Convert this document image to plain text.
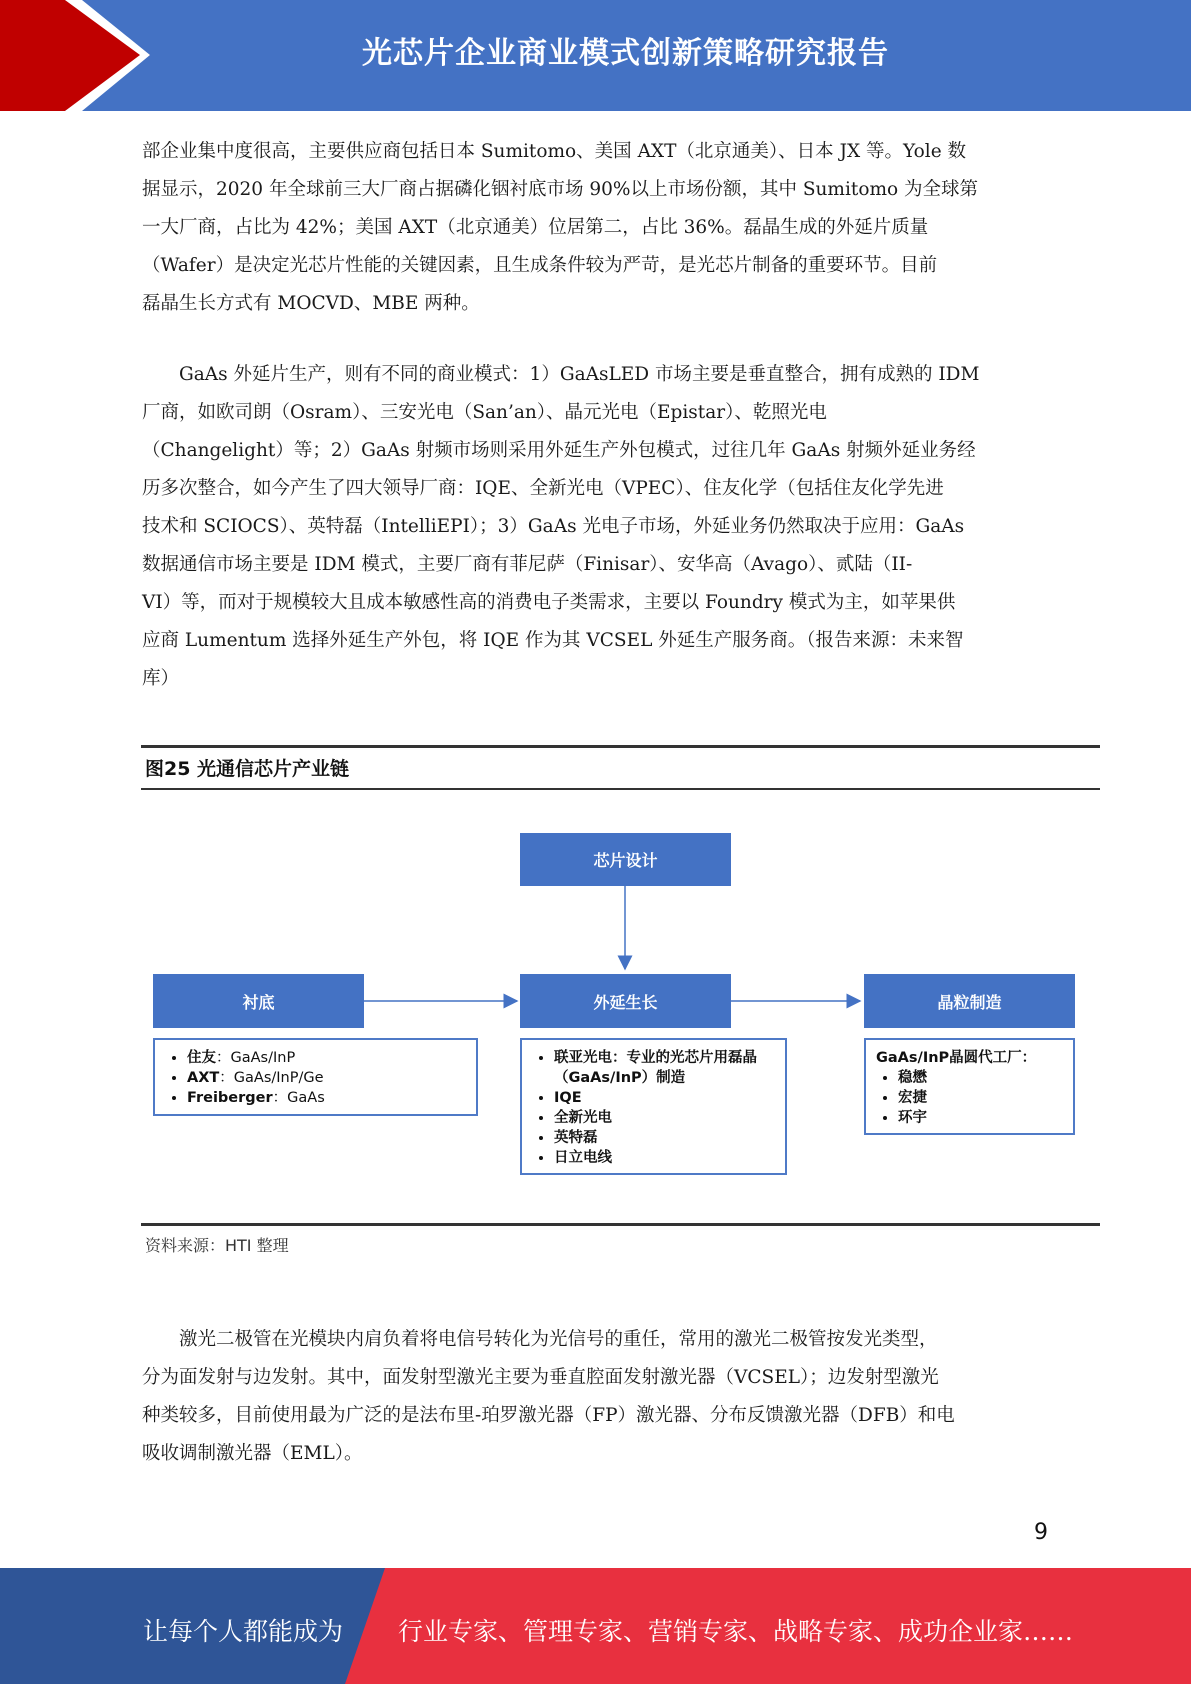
光芯片企业商业模式创新策略研究报告
部企业集中度很高，主要供应商包括日本 Sumitomo、美国 AXT（北京通美）、日本 JX 等。Yole 数
据显示，2020 年全球前三大厂商占据磷化铟衬底市场 90%以上市场份额，其中 Sumitomo 为全球第
一大厂商，占比为 42%；美国 AXT（北京通美）位居第二，占比 36%。磊晶生成的外延片质量
（Wafer）是决定光芯片性能的关键因素，且生成条件较为严苛，是光芯片制备的重要环节。目前
磊晶生长方式有 MOCVD、MBE 两种。
　　GaAs 外延片生产，则有不同的商业模式：1）GaAsLED 市场主要是垂直整合，拥有成熟的 IDM
厂商，如欧司朗（Osram）、三安光电（San’an）、晶元光电（Epistar）、乾照光电
（Changelight）等；2）GaAs 射频市场则采用外延生产外包模式，过往几年 GaAs 射频外延业务经
历多次整合，如今产生了四大领导厂商：IQE、全新光电（VPEC）、住友化学（包括住友化学先进
技术和 SCIOCS）、英特磊（IntelliEPI）；3）GaAs 光电子市场，外延业务仍然取决于应用：GaAs
数据通信市场主要是 IDM 模式，主要厂商有菲尼萨（Finisar）、安华高（Avago）、贰陆（II-
VI）等，而对于规模较大且成本敏感性高的消费电子类需求，主要以 Foundry 模式为主，如苹果供
应商 Lumentum 选择外延生产外包，将 IQE 作为其 VCSEL 外延生产服务商。（报告来源：未来智
库）
图25 光通信芯片产业链
芯片设计
衬底	外延生长	晶粒制造
• 住友：GaAs/InP
• AXT：GaAs/InP/Ge
• Freiberger：GaAs
• 联亚光电：专业的光芯片用磊晶（GaAs/InP）制造
• IQE
• 全新光电
• 英特磊
• 日立电线
GaAs/InP晶圆代工厂：
• 稳懋
• 宏捷
• 环宇
资料来源：HTI 整理
　　激光二极管在光模块内肩负着将电信号转化为光信号的重任，常用的激光二极管按发光类型，
分为面发射与边发射。其中，面发射型激光主要为垂直腔面发射激光器（VCSEL）；边发射型激光
种类较多，目前使用最为广泛的是法布里-珀罗激光器（FP）激光器、分布反馈激光器（DFB）和电
吸收调制激光器（EML）。
9
让每个人都能成为 行业专家、管理专家、营销专家、战略专家、成功企业家……
